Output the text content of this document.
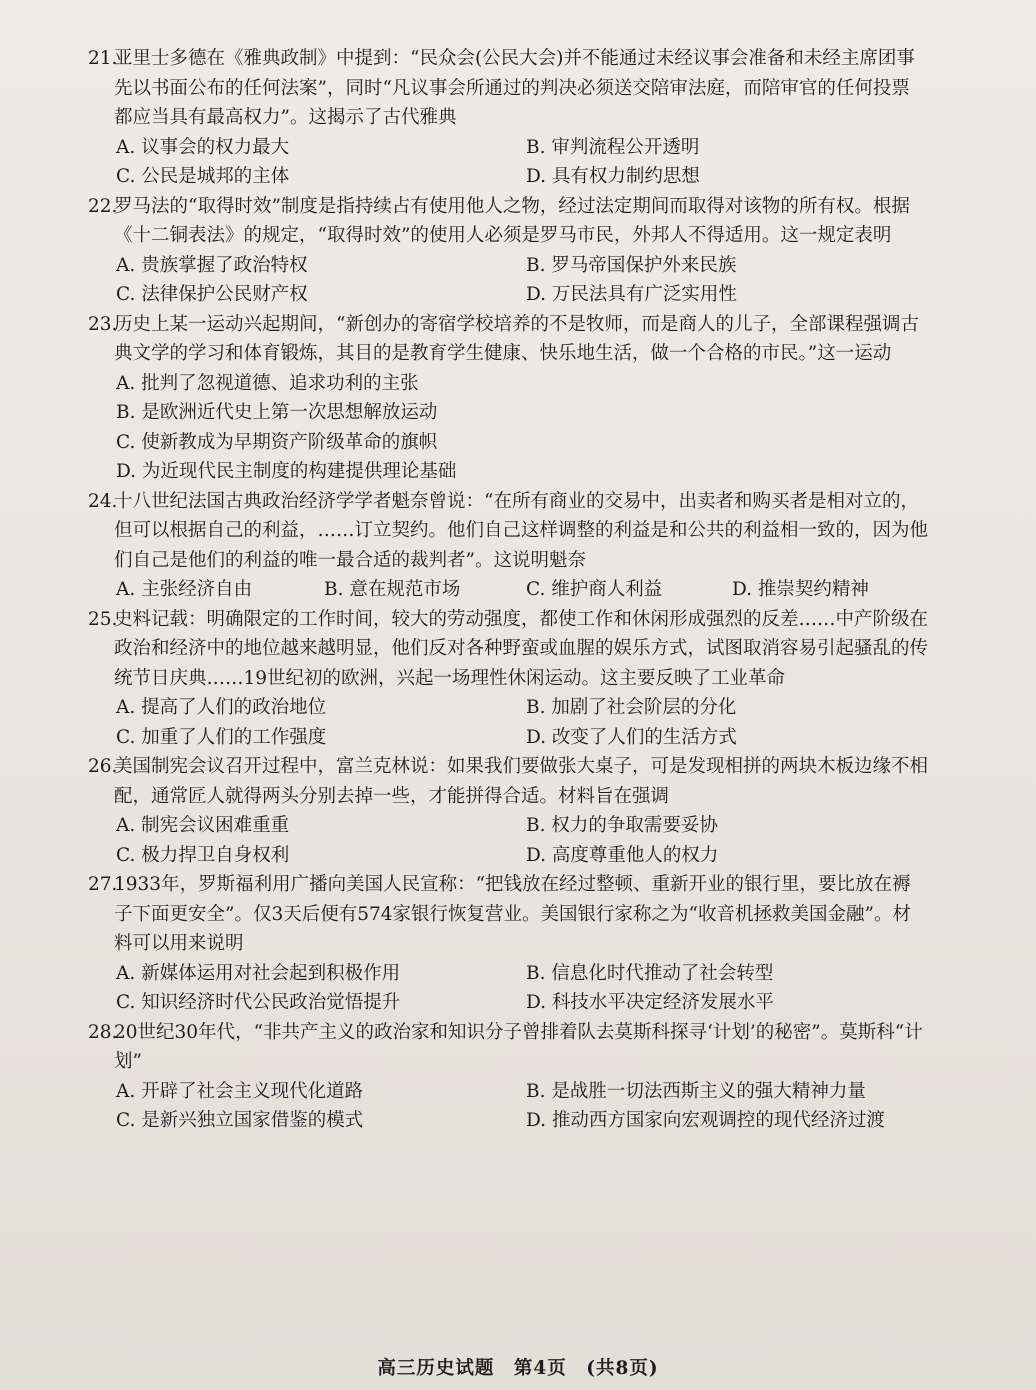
21.
亚里士多德在《雅典政制》中提到：“民众会(公民大会)并不能通过未经议事会准备和未经主席团事先以书面公布的任何法案”，同时“凡议事会所通过的判决必须送交陪审法庭，而陪审官的任何投票都应当具有最高权力”。这揭示了古代雅典
A. 议事会的权力最大	B. 审判流程公开透明
C. 公民是城邦的主体	D. 具有权力制约思想
22.
罗马法的“取得时效”制度是指持续占有使用他人之物，经过法定期间而取得对该物的所有权。根据《十二铜表法》的规定，“取得时效”的使用人必须是罗马市民，外邦人不得适用。这一规定表明
A. 贵族掌握了政治特权	B. 罗马帝国保护外来民族
C. 法律保护公民财产权	D. 万民法具有广泛实用性
23.
历史上某一运动兴起期间，“新创办的寄宿学校培养的不是牧师，而是商人的儿子，全部课程强调古典文学的学习和体育锻炼，其目的是教育学生健康、快乐地生活，做一个合格的市民。”这一运动
A. 批判了忽视道德、追求功利的主张
B. 是欧洲近代史上第一次思想解放运动
C. 使新教成为早期资产阶级革命的旗帜
D. 为近现代民主制度的构建提供理论基础
24.
十八世纪法国古典政治经济学学者魁奈曾说：“在所有商业的交易中，出卖者和购买者是相对立的，但可以根据自己的利益，……订立契约。他们自己这样调整的利益是和公共的利益相一致的，因为他们自己是他们的利益的唯一最合适的裁判者”。这说明魁奈
A. 主张经济自由	B. 意在规范市场	C. 维护商人利益	D. 推崇契约精神
25.
史料记载：明确限定的工作时间，较大的劳动强度，都使工作和休闲形成强烈的反差……中产阶级在政治和经济中的地位越来越明显，他们反对各种野蛮或血腥的娱乐方式，试图取消容易引起骚乱的传统节日庆典……19世纪初的欧洲，兴起一场理性休闲运动。这主要反映了工业革命
A. 提高了人们的政治地位	B. 加剧了社会阶层的分化
C. 加重了人们的工作强度	D. 改变了人们的生活方式
26.
美国制宪会议召开过程中，富兰克林说：如果我们要做张大桌子，可是发现相拼的两块木板边缘不相配，通常匠人就得两头分别去掉一些，才能拼得合适。材料旨在强调
A. 制宪会议困难重重	B. 权力的争取需要妥协
C. 极力捍卫自身权利	D. 高度尊重他人的权力
27.
1933年，罗斯福利用广播向美国人民宣称：“把钱放在经过整顿、重新开业的银行里，要比放在褥子下面更安全”。仅3天后便有574家银行恢复营业。美国银行家称之为“收音机拯救美国金融”。材料可以用来说明
A. 新媒体运用对社会起到积极作用	B. 信息化时代推动了社会转型
C. 知识经济时代公民政治觉悟提升	D. 科技水平决定经济发展水平
28.
20世纪30年代，“非共产主义的政治家和知识分子曾排着队去莫斯科探寻‘计划’的秘密”。莫斯科“计划”
A. 开辟了社会主义现代化道路	B. 是战胜一切法西斯主义的强大精神力量
C. 是新兴独立国家借鉴的模式	D. 推动西方国家向宏观调控的现代经济过渡
高三历史试题　第4页　(共8页)
